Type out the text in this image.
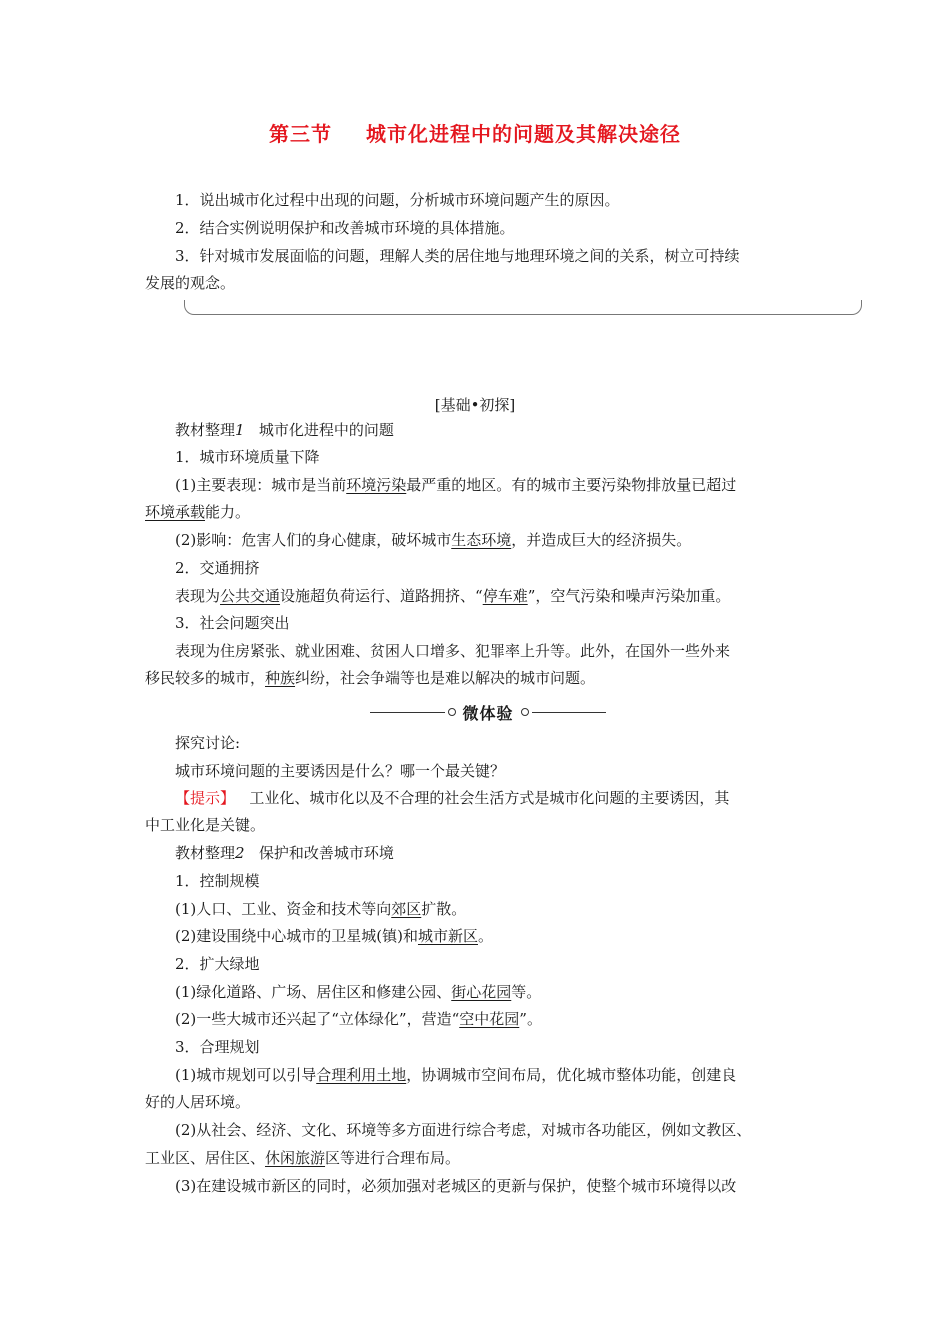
第三节 城市化进程中的问题及其解决途径
1．说出城市化过程中出现的问题，分析城市环境问题产生的原因。
2．结合实例说明保护和改善城市环境的具体措施。
3．针对城市发展面临的问题，理解人类的居住地与地理环境之间的关系，树立可持续
发展的观念。
[基础•初探]
教材整理1 城市化进程中的问题
1．城市环境质量下降
(1)主要表现：城市是当前环境污染最严重的地区。有的城市主要污染物排放量已超过
环境承载能力。
(2)影响：危害人们的身心健康，破坏城市生态环境，并造成巨大的经济损失。
2．交通拥挤
表现为公共交通设施超负荷运行、道路拥挤、“停车难”，空气污染和噪声污染加重。
3．社会问题突出
表现为住房紧张、就业困难、贫困人口增多、犯罪率上升等。此外，在国外一些外来
移民较多的城市，种族纠纷，社会争端等也是难以解决的城市问题。
微体验
探究讨论:
城市环境问题的主要诱因是什么？哪一个最关键？
【提示】 工业化、城市化以及不合理的社会生活方式是城市化问题的主要诱因，其
中工业化是关键。
教材整理2 保护和改善城市环境
1．控制规模
(1)人口、工业、资金和技术等向郊区扩散。
(2)建设围绕中心城市的卫星城(镇)和城市新区。
2．扩大绿地
(1)绿化道路、广场、居住区和修建公园、街心花园等。
(2)一些大城市还兴起了“立体绿化”，营造“空中花园”。
3．合理规划
(1)城市规划可以引导合理利用土地，协调城市空间布局，优化城市整体功能，创建良
好的人居环境。
(2)从社会、经济、文化、环境等多方面进行综合考虑，对城市各功能区，例如文教区、
工业区、居住区、休闲旅游区等进行合理布局。
(3)在建设城市新区的同时，必须加强对老城区的更新与保护，使整个城市环境得以改
